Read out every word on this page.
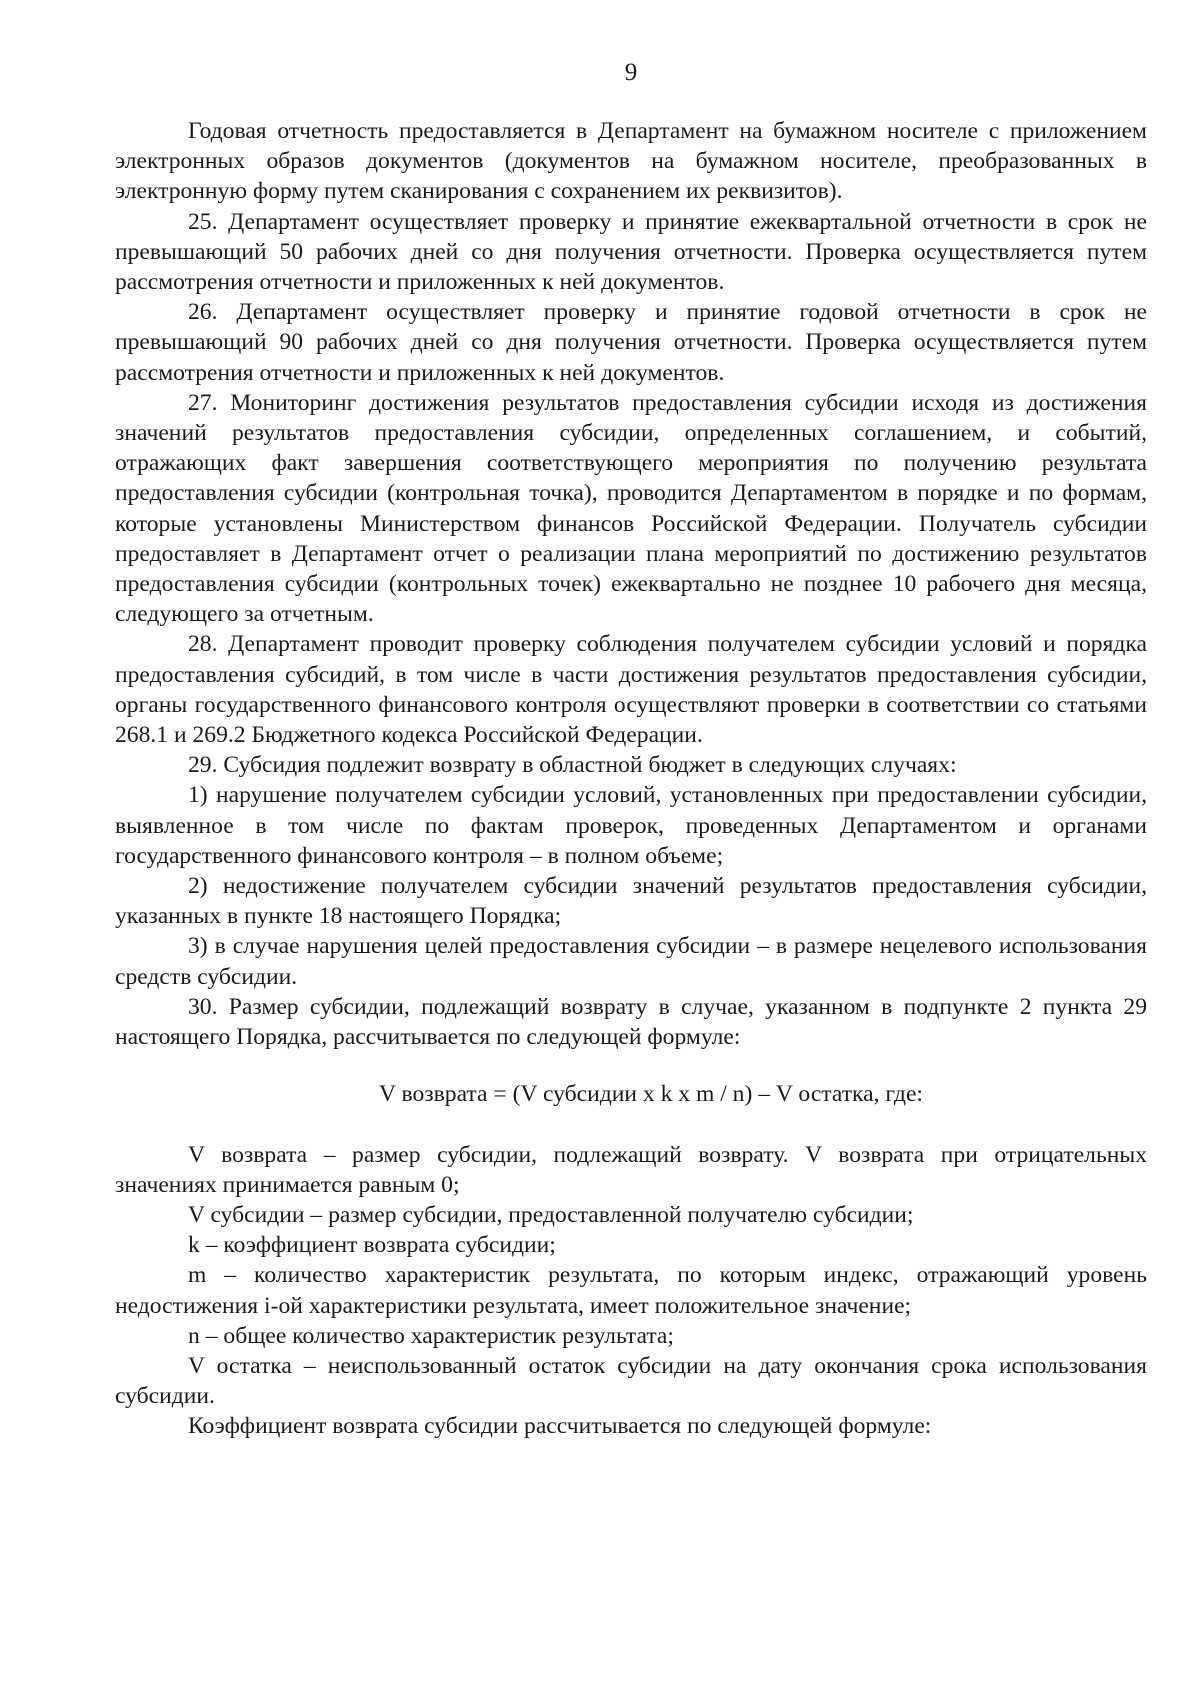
9

Годовая отчетность предоставляется в Департамент на бумажном носителе с приложением электронных образов документов (документов на бумажном носителе, преобразованных в электронную форму путем сканирования с сохранением их реквизитов).

25. Департамент осуществляет проверку и принятие ежеквартальной отчетности в срок не превышающий 50 рабочих дней со дня получения отчетности. Проверка осуществляется путем рассмотрения отчетности и приложенных к ней документов.

26. Департамент осуществляет проверку и принятие годовой отчетности в срок не превышающий 90 рабочих дней со дня получения отчетности. Проверка осуществляется путем рассмотрения отчетности и приложенных к ней документов.

27. Мониторинг достижения результатов предоставления субсидии исходя из достижения значений результатов предоставления субсидии, определенных соглашением, и событий, отражающих факт завершения соответствующего мероприятия по получению результата предоставления субсидии (контрольная точка), проводится Департаментом в порядке и по формам, которые установлены Министерством финансов Российской Федерации. Получатель субсидии предоставляет в Департамент отчет о реализации плана мероприятий по достижению результатов предоставления субсидии (контрольных точек) ежеквартально не позднее 10 рабочего дня месяца, следующего за отчетным.

28. Департамент проводит проверку соблюдения получателем субсидии условий и порядка предоставления субсидий, в том числе в части достижения результатов предоставления субсидии, органы государственного финансового контроля осуществляют проверки в соответствии со статьями 268.1 и 269.2 Бюджетного кодекса Российской Федерации.

29. Субсидия подлежит возврату в областной бюджет в следующих случаях:

1) нарушение получателем субсидии условий, установленных при предоставлении субсидии, выявленное в том числе по фактам проверок, проведенных Департаментом и органами государственного финансового контроля – в полном объеме;

2) недостижение получателем субсидии значений результатов предоставления субсидии, указанных в пункте 18 настоящего Порядка;

3) в случае нарушения целей предоставления субсидии – в размере нецелевого использования средств субсидии.

30. Размер субсидии, подлежащий возврату в случае, указанном в подпункте 2 пункта 29 настоящего Порядка, рассчитывается по следующей формуле:

V возврата = (V субсидии x k x m / n) – V остатка, где:

V возврата – размер субсидии, подлежащий возврату. V возврата при отрицательных значениях принимается равным 0;

V субсидии – размер субсидии, предоставленной получателю субсидии;

k – коэффициент возврата субсидии;

m – количество характеристик результата, по которым индекс, отражающий уровень недостижения i-ой характеристики результата, имеет положительное значение;

n – общее количество характеристик результата;

V остатка – неиспользованный остаток субсидии на дату окончания срока использования субсидии.

Коэффициент возврата субсидии рассчитывается по следующей формуле:
